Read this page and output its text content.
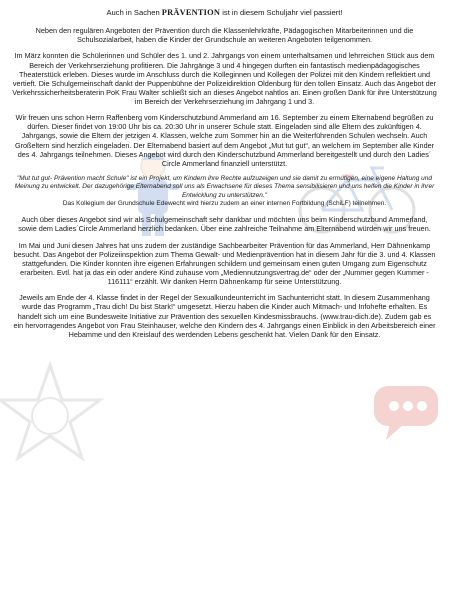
Auch in Sachen PRÄVENTION ist in diesem Schuljahr viel passiert!

Neben den regulären Angeboten der Prävention durch die Klassenlehrkräfte, Pädagogischen Mitarbeiterinnen und die Schulsozialarbeit, haben die Kinder der Grundschule an weiteren Angeboten teilgenommen.

Im März konnten die Schülerinnen und Schüler des 1. und 2. Jahrgangs von einem unterhaltsamen und lehrreichen Stück aus dem Bereich der Verkehrserziehung profitieren. Die Jahrgänge 3 und 4 hingegen durften ein fantastisch medienpädagogisches Theaterstück erleben. Dieses wurde im Anschluss durch die Kolleginnen und Kollegen der Polizei mit den Kindern reflektiert und vertieft. Die Schulgemeinschaft dankt der Puppenbühne der Polizeidirektion Oldenburg für den tollen Einsatz. Auch das Angebot der Verkehrssicherheitsberaterin PoK Frau Walter schließt sich an dieses Angebot nahtlos an. Einen großen Dank für ihre Unterstützung im Bereich der Verkehrserziehung im Jahrgang 1 und 3.

Wir freuen uns schon Herrn Raffenberg vom Kinderschutzbund Ammerland am 16. September zu einem Elternabend begrüßen zu dürfen. Dieser findet von 19:00 Uhr bis ca. 20:30 Uhr in unserer Schule statt. Eingeladen sind alle Eltern des zukünftigen 4. Jahrgangs, sowie die Eltern der jetzigen 4. Klassen, welche zum Sommer hin an die Weiterführenden Schulen wechseln. Auch Großeltern sind herzlich eingeladen. Der Elternabend basiert auf dem Angebot „Mut tut gut“, an welchem im September alle Kinder des 4. Jahrgangs teilnehmen. Dieses Angebot wird durch den Kinderschutzbund Ammerland bereitgestellt und durch den Ladies´ Circle Ammerland finanziell unterstützt.

"Mut tut gut- Prävention macht Schule" ist ein Projekt, um Kindern ihre Rechte aufzuzeigen und sie damit zu ermutigen, eine eigene Haltung und Meinung zu entwickelt. Der dazugehörige Elternabend soll uns als Erwachsene für dieses Thema sensibilisieren und uns helfen die Kinder in ihrer Entwicklung zu unterstützen."

Das Kollegium der Grundschule Edewecht wird hierzu zudem an einer internen Fortbildung (SchiLF) teilnehmen.

Auch über dieses Angebot sind wir als Schulgemeinschaft sehr dankbar und möchten uns beim Kinderschutzbund Ammerland, sowie dem Ladies´Circle Ammerland herzlich bedanken. Über eine zahlreiche Teilnahme am Elternabend würden wir uns freuen.

Im Mai und Juni diesen Jahres hat uns zudem der zuständige Sachbearbeiter Prävention für das Ammerland, Herr Dähnenkamp besucht. Das Angebot der Polizeiinspektion zum Thema Gewalt- und Medienprävention hat in diesem Jahr für die 3. und 4. Klassen stattgefunden. Die Kinder konnten ihre eigenen Erfahrungen schildern und gemeinsam einen guten Umgang zum Eigenschutz erarbeiten. Evtl. hat ja das ein oder andere Kind zuhause vom „Mediennutzungsvertrag.de“ oder der „Nummer gegen Kummer - 116111“ erzählt. Wir danken Herrn Dähnenkamp für seine Unterstützung.

Jeweils am Ende der 4. Klasse findet in der Regel der Sexualkundeunterricht im Sachunterricht statt. In diesem Zusammenhang wurde das Programm „Trau dich! Du bist Stark!“ umgesetzt. Hierzu haben die Kinder auch Mitmach- und Infohefte erhalten. Es handelt sich um eine Bundesweite Initiative zur Prävention des sexuellen Kindesmissbrauchs. (www.trau-dich.de). Zudem gab es ein hervorragendes Angebot von Frau Steinhauser, welche den Kindern des 4. Jahrgangs einen Einblick in den Arbeitsbereich einer Hebamme und den Kreislauf des werdenden Lebens geschenkt hat. Vielen Dank für den Einsatz.
